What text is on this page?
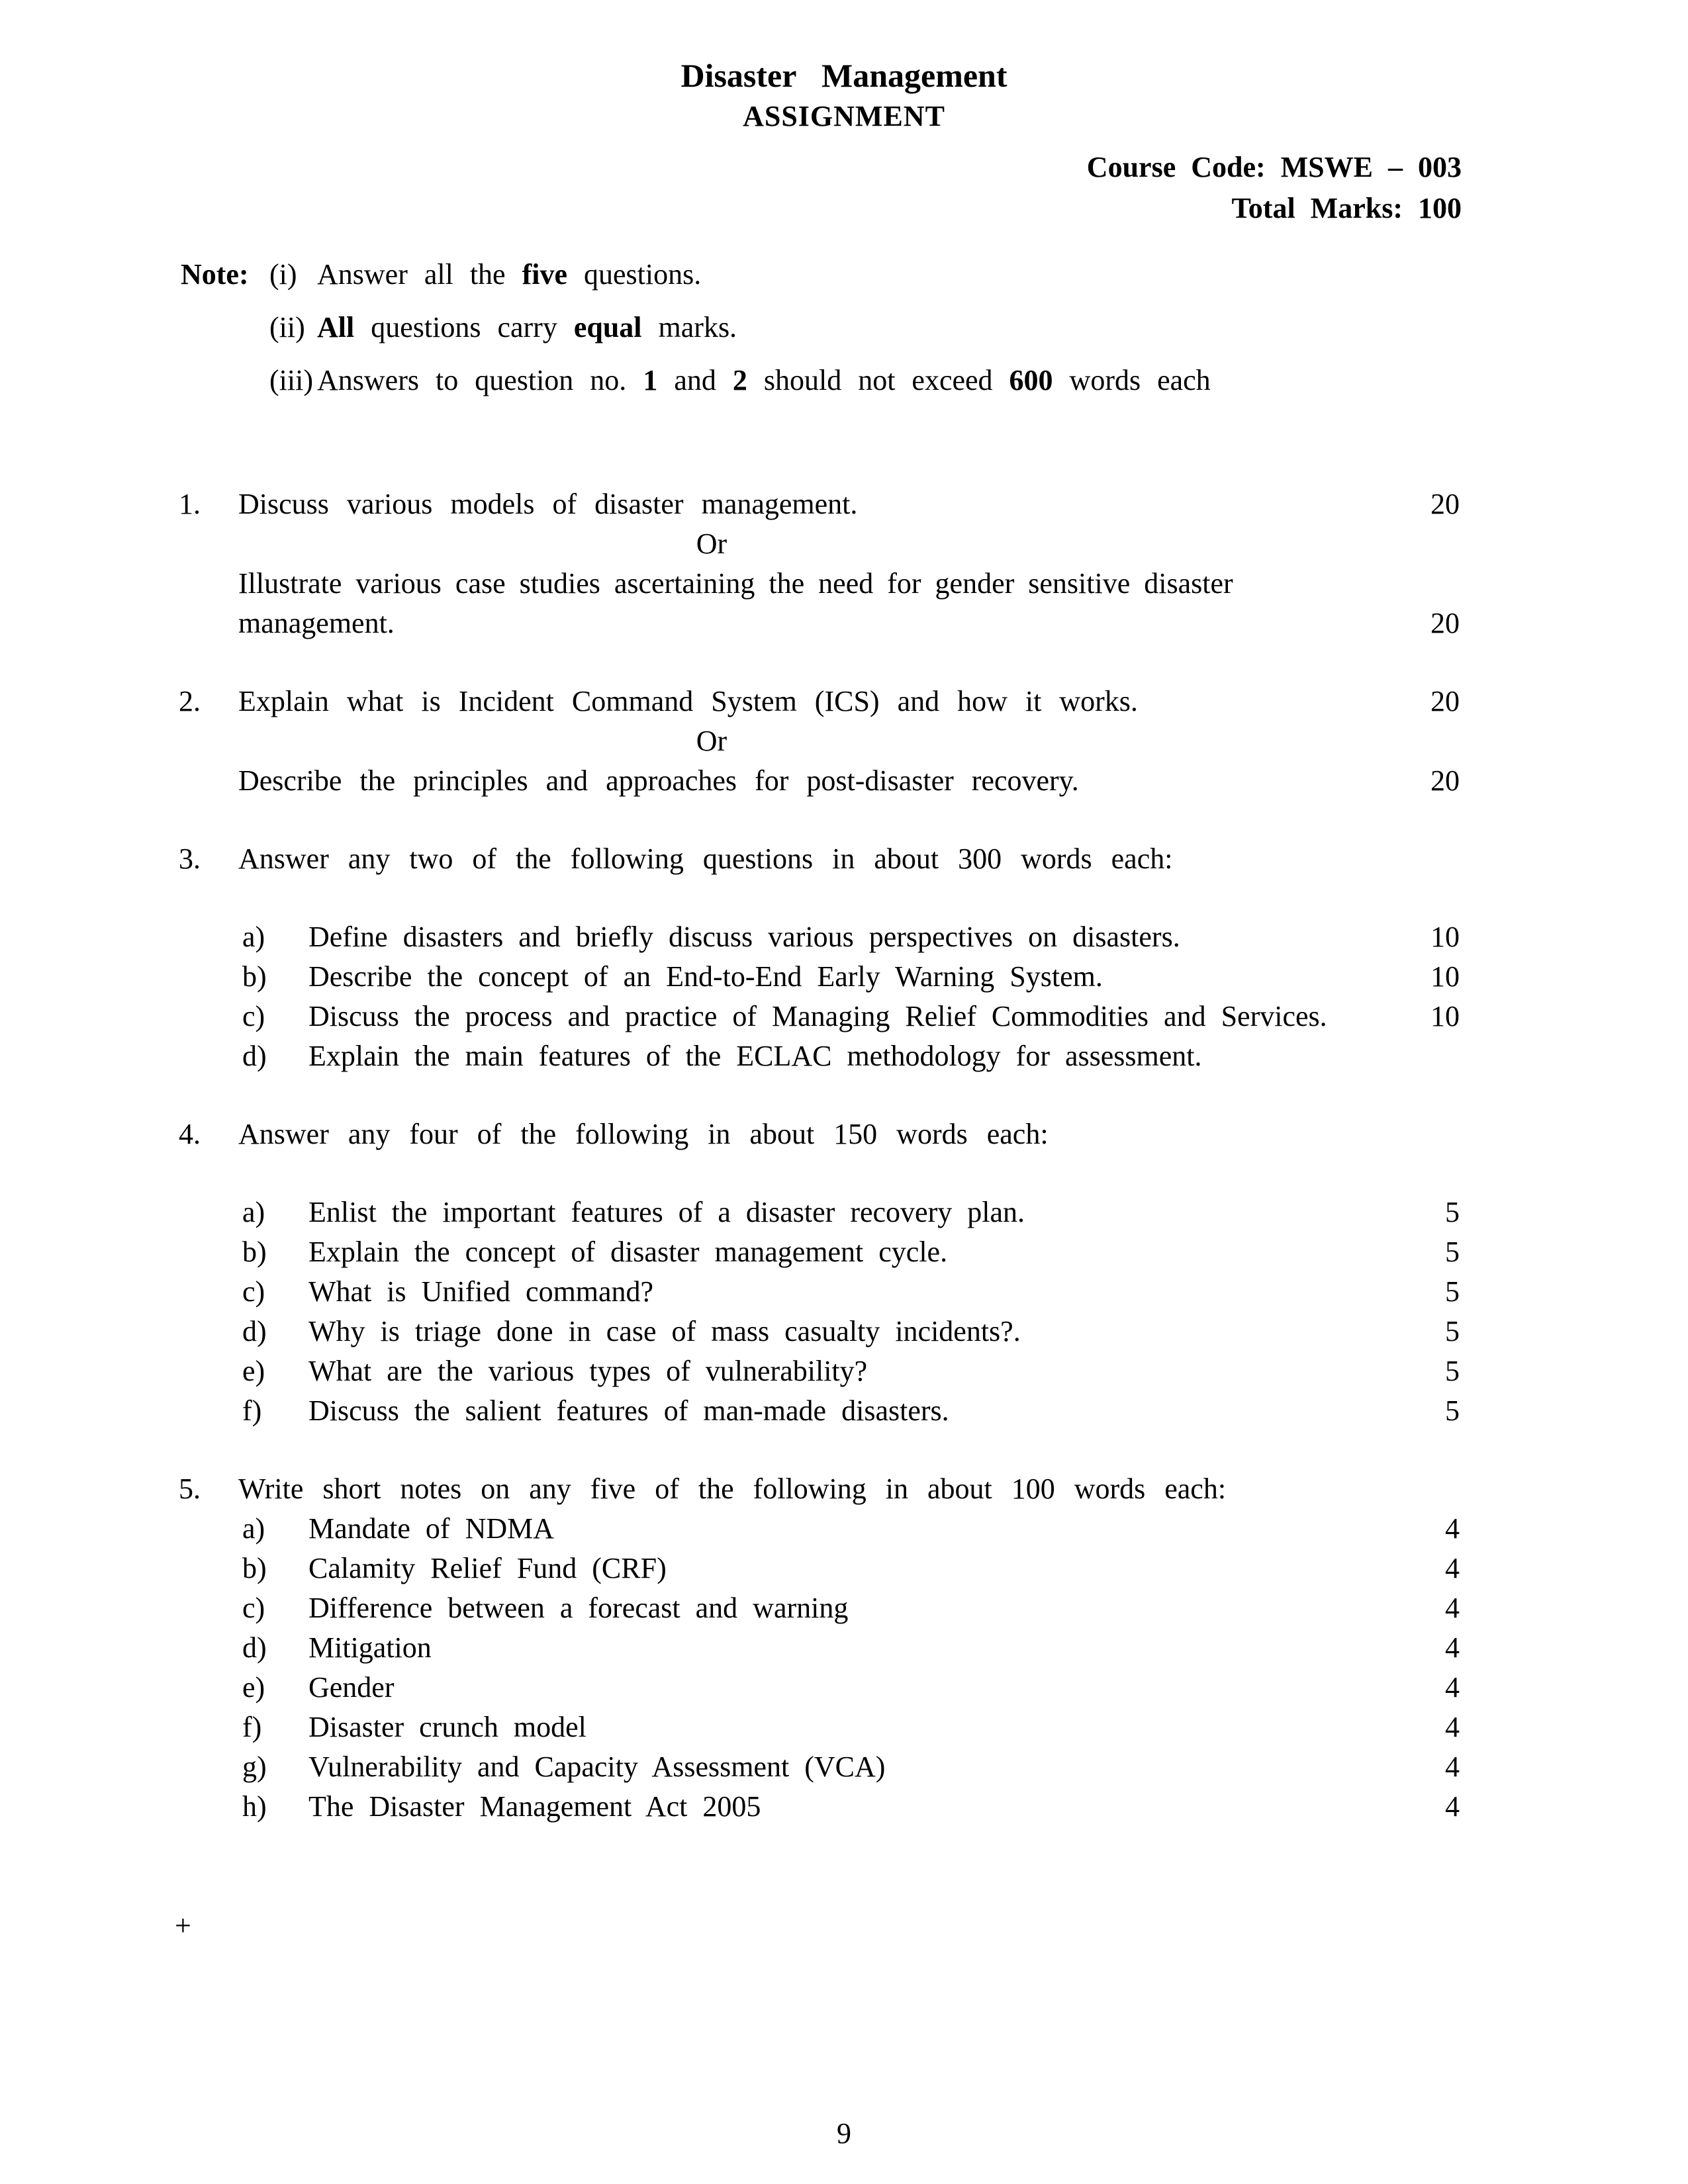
Disaster Management
ASSIGNMENT
Course Code: MSWE – 003
Total Marks: 100
Note: (i) Answer all the five questions.
(ii) All questions carry equal marks.
(iii) Answers to question no. 1 and 2 should not exceed 600 words each
1.	Discuss various models of disaster management.	20
Or
Illustrate various case studies ascertaining the need for gender sensitive disaster management.	20
2.	Explain what is Incident Command System (ICS) and how it works.	20
Or
Describe the principles and approaches for post-disaster recovery.	20
3.	Answer any two of the following questions in about 300 words each:
a)	Define disasters and briefly discuss various perspectives on disasters.	10
b)	Describe the concept of an End-to-End Early Warning System.	10
c)	Discuss the process and practice of Managing Relief Commodities and Services.	10
d)	Explain the main features of the ECLAC methodology for assessment.
4.	Answer any four of the following in about 150 words each:
a)	Enlist the important features of a disaster recovery plan.	5
b)	Explain the concept of disaster management cycle.	5
c)	What is Unified command?	5
d)	Why is triage done in case of mass casualty incidents?.	5
e)	What are the various types of vulnerability?	5
f)	Discuss the salient features of man-made disasters.	5
5.	Write short notes on any five of the following in about 100 words each:
a)	Mandate of NDMA	4
b)	Calamity Relief Fund (CRF)	4
c)	Difference between a forecast and warning	4
d)	Mitigation	4
e)	Gender	4
f)	Disaster crunch model	4
g)	Vulnerability and Capacity Assessment (VCA)	4
h)	The Disaster Management Act 2005	4
+
9
